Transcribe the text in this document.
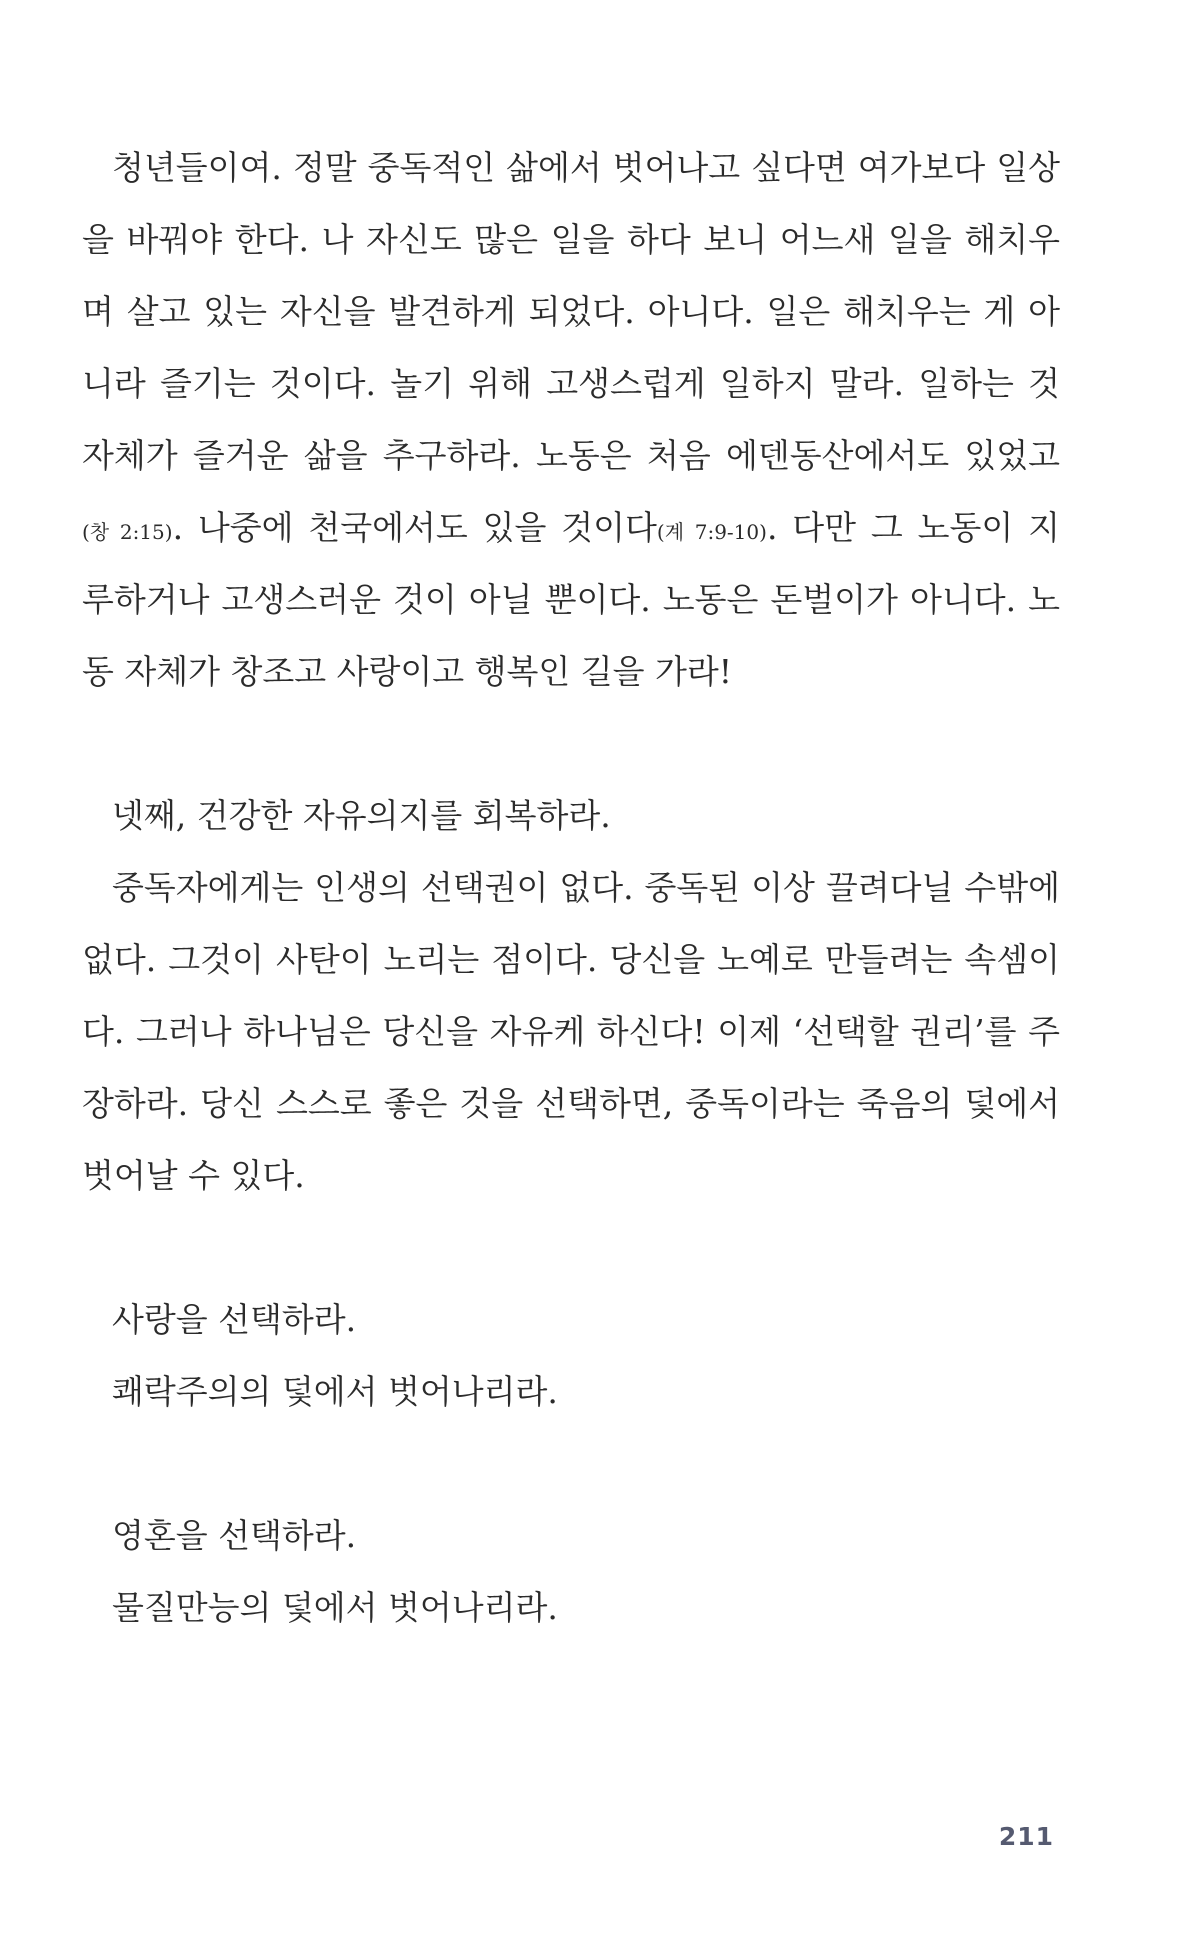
청년들이여. 정말 중독적인 삶에서 벗어나고 싶다면 여가보다 일상
을 바꿔야 한다. 나 자신도 많은 일을 하다 보니 어느새 일을 해치우
며 살고 있는 자신을 발견하게 되었다. 아니다. 일은 해치우는 게 아
니라 즐기는 것이다. 놀기 위해 고생스럽게 일하지 말라. 일하는 것
자체가 즐거운 삶을 추구하라. 노동은 처음 에덴동산에서도 있었고
(창 2:15). 나중에 천국에서도 있을 것이다(계 7:9-10). 다만 그 노동이 지
루하거나 고생스러운 것이 아닐 뿐이다. 노동은 돈벌이가 아니다. 노
동 자체가 창조고 사랑이고 행복인 길을 가라!
넷째, 건강한 자유의지를 회복하라.
중독자에게는 인생의 선택권이 없다. 중독된 이상 끌려다닐 수밖에
없다. 그것이 사탄이 노리는 점이다. 당신을 노예로 만들려는 속셈이
다. 그러나 하나님은 당신을 자유케 하신다! 이제 ‘선택할 권리’를 주
장하라. 당신 스스로 좋은 것을 선택하면, 중독이라는 죽음의 덫에서
벗어날 수 있다.
사랑을 선택하라.
쾌락주의의 덫에서 벗어나리라.
영혼을 선택하라.
물질만능의 덫에서 벗어나리라.
211
